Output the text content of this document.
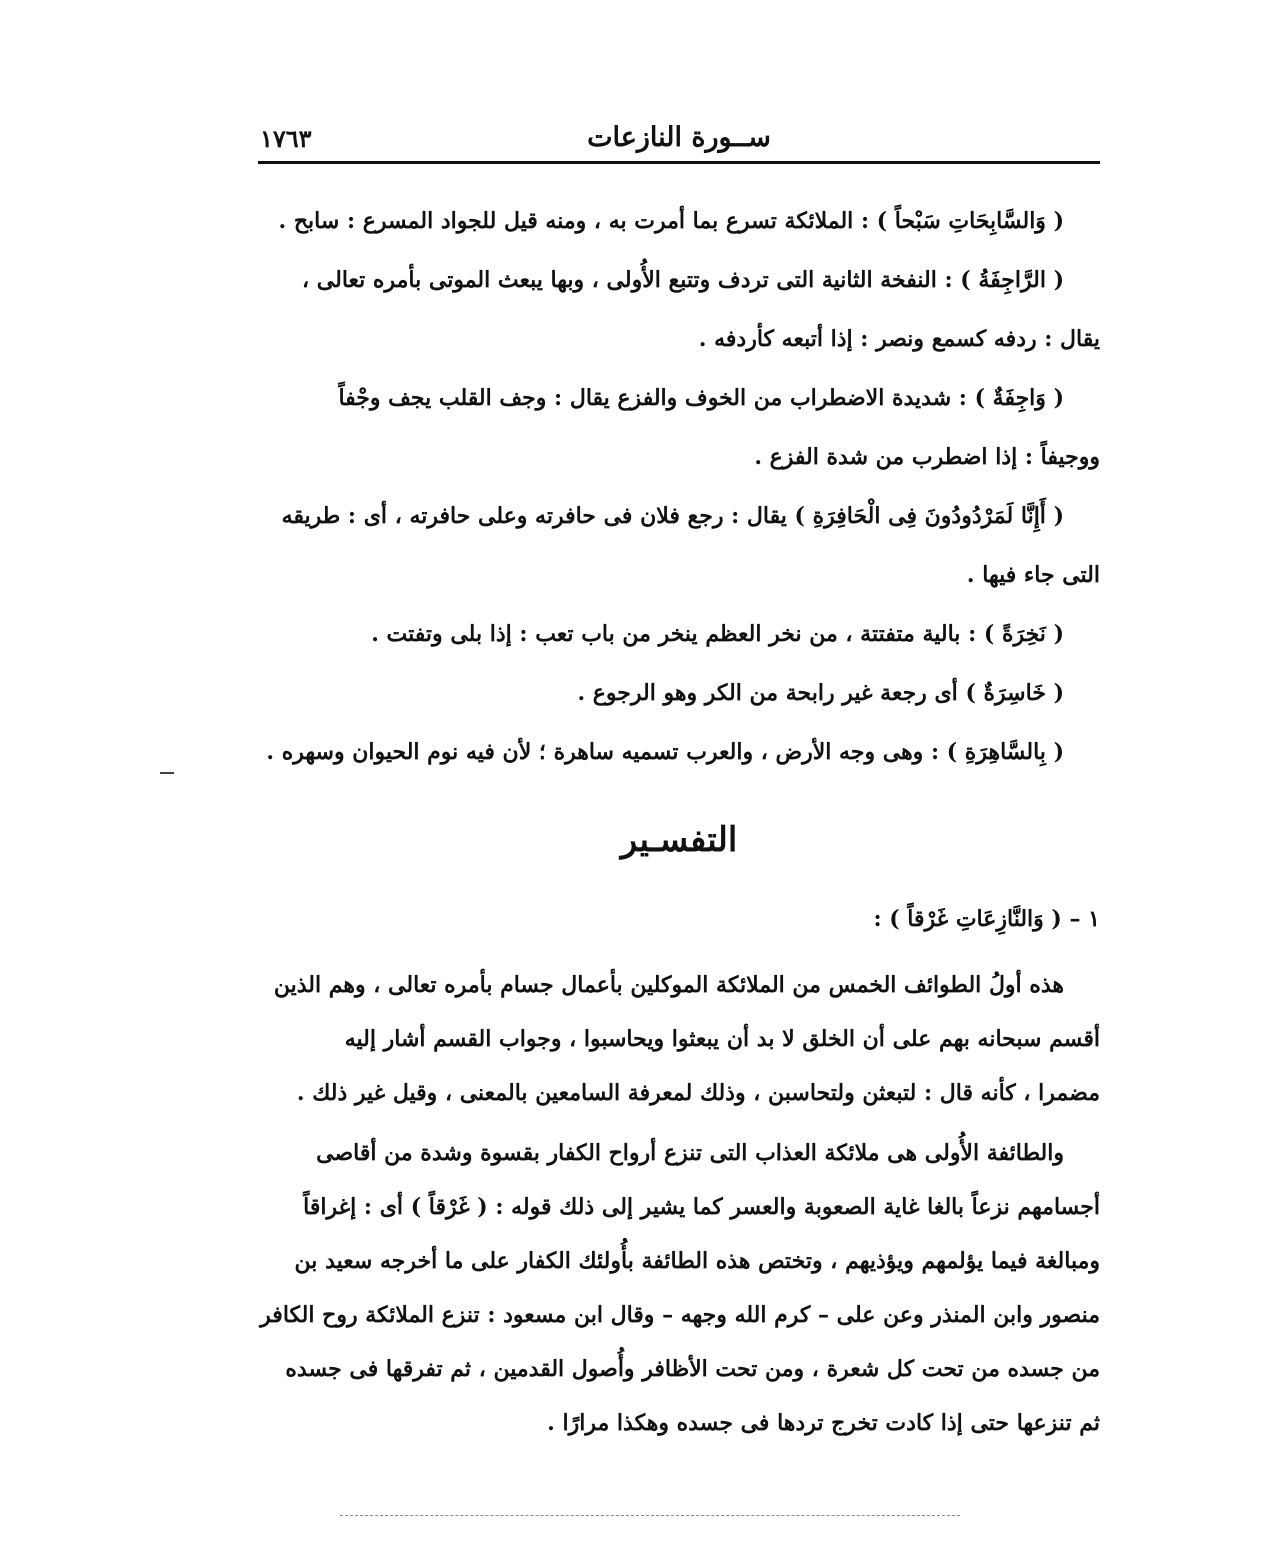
ســورة النازعات
١٧٦٣
( وَالسَّابِحَاتِ سَبْحاً ) : الملائكة تسرع بما أمرت به ، ومنه قيل للجواد المسرع : سابح .
( الرَّاجِفَةُ ) : النفخة الثانية التى تردف وتتبع الأُولى ، وبها يبعث الموتى بأمره تعالى ،
يقال : ردفه كسمع ونصر : إذا أتبعه كأردفه .
( وَاجِفَةٌ ) : شديدة الاضطراب من الخوف والفزع يقال : وجف القلب يجف وجْفاً
ووجيفاً : إذا اضطرب من شدة الفزع .
( أَإِنَّا لَمَرْدُودُونَ فِى الْحَافِرَةِ ) يقال : رجع فلان فى حافرته وعلى حافرته ، أى : طريقه
التى جاء فيها .
( نَخِرَةً ) : بالية متفتتة ، من نخر العظم ينخر من باب تعب : إذا بلى وتفتت .
( خَاسِرَةٌ ) أى رجعة غير رابحة من الكر وهو الرجوع .
( بِالسَّاهِرَةِ ) : وهى وجه الأرض ، والعرب تسميه ساهرة ؛ لأن فيه نوم الحيوان وسهره .
التفسـير
١ – ( وَالنَّازِعَاتِ غَرْقاً ) :
هذه أولُ الطوائف الخمس من الملائكة الموكلين بأعمال جسام بأمره تعالى ، وهم الذين
أقسم سبحانه بهم على أن الخلق لا بد أن يبعثوا ويحاسبوا ، وجواب القسم أشار إليه
مضمرا ، كأنه قال : لتبعثن ولتحاسبن ، وذلك لمعرفة السامعين بالمعنى ، وقيل غير ذلك .
والطائفة الأُولى هى ملائكة العذاب التى تنزع أرواح الكفار بقسوة وشدة من أقاصى
أجسامهم نزعاً بالغا غاية الصعوبة والعسر كما يشير إلى ذلك قوله : ( غَرْقاً ) أى : إغراقاً
ومبالغة فيما يؤلمهم ويؤذيهم ، وتختص هذه الطائفة بأُولئك الكفار على ما أخرجه سعيد بن
منصور وابن المنذر وعن على – كرم الله وجهه – وقال ابن مسعود : تنزع الملائكة روح الكافر
من جسده من تحت كل شعرة ، ومن تحت الأظافر وأُصول القدمين ، ثم تفرقها فى جسده
ثم تنزعها حتى إذا كادت تخرج تردها فى جسده وهكذا مرارًا .
